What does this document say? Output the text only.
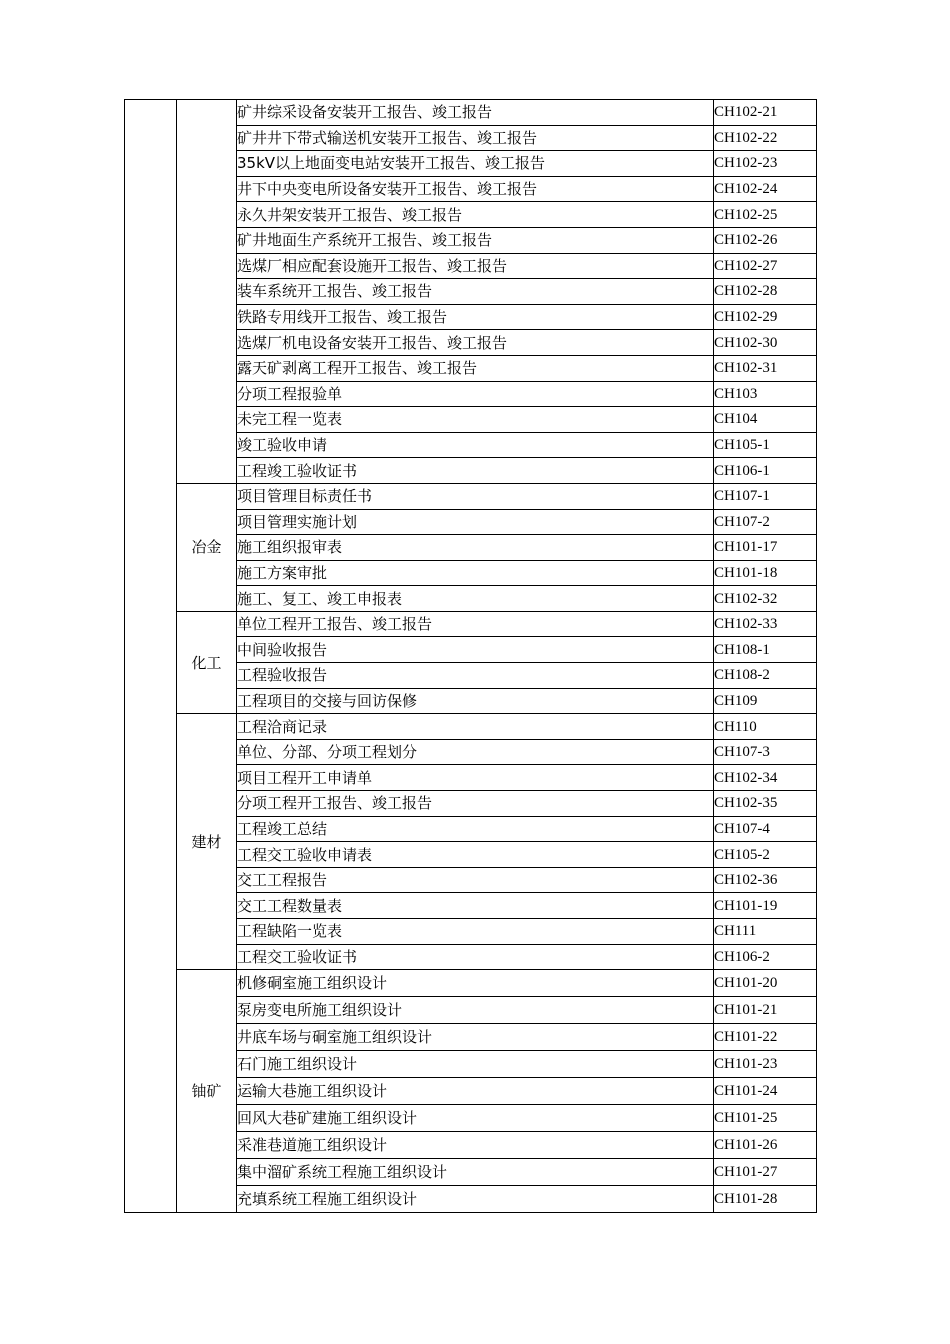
		矿井综采设备安装开工报告、竣工报告	CH102-21
		矿井井下带式输送机安装开工报告、竣工报告	CH102-22
		35kV以上地面变电站安装开工报告、竣工报告	CH102-23
		井下中央变电所设备安装开工报告、竣工报告	CH102-24
		永久井架安装开工报告、竣工报告	CH102-25
		矿井地面生产系统开工报告、竣工报告	CH102-26
		选煤厂相应配套设施开工报告、竣工报告	CH102-27
		装车系统开工报告、竣工报告	CH102-28
		铁路专用线开工报告、竣工报告	CH102-29
		选煤厂机电设备安装开工报告、竣工报告	CH102-30
		露天矿剥离工程开工报告、竣工报告	CH102-31
		分项工程报验单	CH103
		未完工程一览表	CH104
		竣工验收申请	CH105-1
		工程竣工验收证书	CH106-1
	冶金	项目管理目标责任书	CH107-1
		项目管理实施计划	CH107-2
		施工组织报审表	CH101-17
		施工方案审批	CH101-18
		施工、复工、竣工申报表	CH102-32
	化工	单位工程开工报告、竣工报告	CH102-33
		中间验收报告	CH108-1
		工程验收报告	CH108-2
		工程项目的交接与回访保修	CH109
	建材	工程洽商记录	CH110
		单位、分部、分项工程划分	CH107-3
		项目工程开工申请单	CH102-34
		分项工程开工报告、竣工报告	CH102-35
		工程竣工总结	CH107-4
		工程交工验收申请表	CH105-2
		交工工程报告	CH102-36
		交工工程数量表	CH101-19
		工程缺陷一览表	CH111
		工程交工验收证书	CH106-2
	铀矿	机修硐室施工组织设计	CH101-20
		泵房变电所施工组织设计	CH101-21
		井底车场与硐室施工组织设计	CH101-22
		石门施工组织设计	CH101-23
		运输大巷施工组织设计	CH101-24
		回风大巷矿建施工组织设计	CH101-25
		采准巷道施工组织设计	CH101-26
		集中溜矿系统工程施工组织设计	CH101-27
		充填系统工程施工组织设计	CH101-28
